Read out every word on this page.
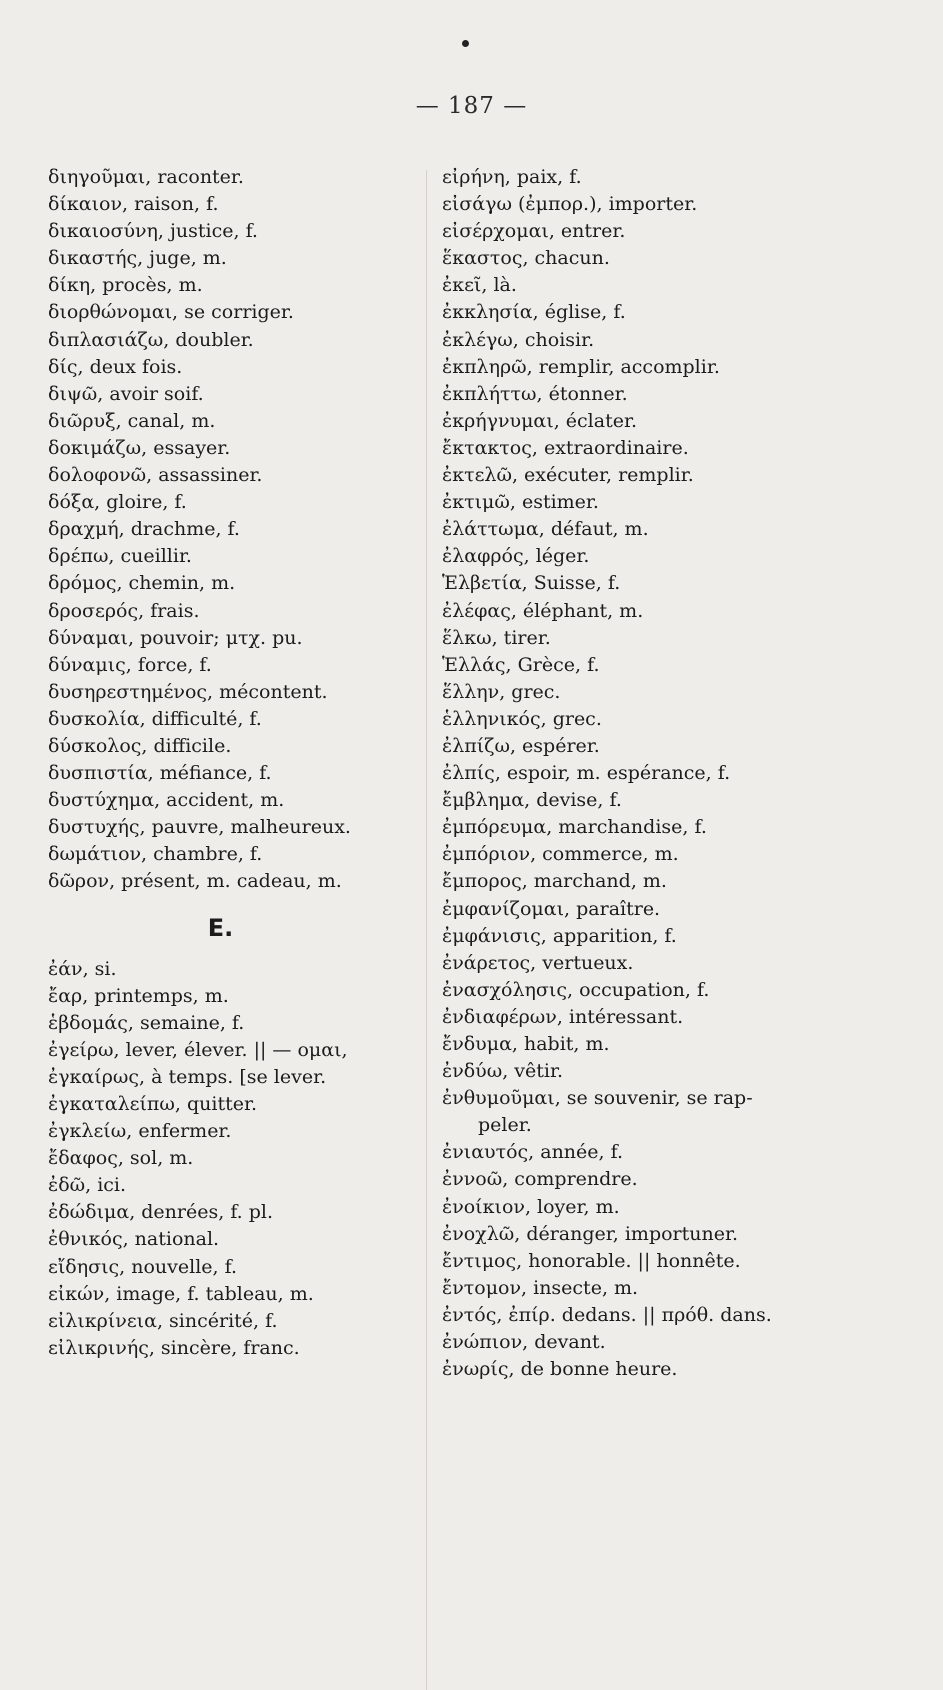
— 187 —
διηγοῦμαι, raconter.
δίκαιον, raison, f.
δικαιοσύνη, justice, f.
δικαστής, juge, m.
δίκη, procès, m.
διορθώνομαι, se corriger.
διπλασιάζω, doubler.
δίς, deux fois.
διψῶ, avoir soif.
διῶρυξ, canal, m.
δοκιμάζω, essayer.
δολοφονῶ, assassiner.
δόξα, gloire, f.
δραχμή, drachme, f.
δρέπω, cueillir.
δρόμος, chemin, m.
δροσερός, frais.
δύναμαι, pouvoir; μτχ. pu.
δύναμις, force, f.
δυσηρεστημένος, mécontent.
δυσκολία, difficulté, f.
δύσκολος, difficile.
δυσπιστία, méfiance, f.
δυστύχημα, accident, m.
δυστυχής, pauvre, malheureux.
δωμάτιον, chambre, f.
δῶρον, présent, m. cadeau, m.
E.
ἐάν, si.
ἔαρ, printemps, m.
ἑβδομάς, semaine, f.
ἐγείρω, lever, élever. || — ομαι,
ἐγκαίρως, à temps. [se lever.
ἐγκαταλείπω, quitter.
ἐγκλείω, enfermer.
ἔδαφος, sol, m.
ἐδῶ, ici.
ἐδώδιμα, denrées, f. pl.
ἐθνικός, national.
εἴδησις, nouvelle, f.
εἰκών, image, f. tableau, m.
εἰλικρίνεια, sincérité, f.
εἰλικρινής, sincère, franc.
εἰρήνη, paix, f.
εἰσάγω (ἐμπορ.), importer.
εἰσέρχομαι, entrer.
ἕκαστος, chacun.
ἐκεῖ, là.
ἐκκλησία, église, f.
ἐκλέγω, choisir.
ἐκπληρῶ, remplir, accomplir.
ἐκπλήττω, étonner.
ἐκρήγνυμαι, éclater.
ἔκτακτος, extraordinaire.
ἐκτελῶ, exécuter, remplir.
ἐκτιμῶ, estimer.
ἐλάττωμα, défaut, m.
ἐλαφρός, léger.
Ἑλβετία, Suisse, f.
ἐλέφας, éléphant, m.
ἕλκω, tirer.
Ἑλλάς, Grèce, f.
ἕλλην, grec.
ἑλληνικός, grec.
ἐλπίζω, espérer.
ἐλπίς, espoir, m. espérance, f.
ἔμβλημα, devise, f.
ἐμπόρευμα, marchandise, f.
ἐμπόριον, commerce, m.
ἔμπορος, marchand, m.
ἐμφανίζομαι, paraître.
ἐμφάνισις, apparition, f.
ἐνάρετος, vertueux.
ἐνασχόλησις, occupation, f.
ἐνδιαφέρων, intéressant.
ἔνδυμα, habit, m.
ἐνδύω, vêtir.
ἐνθυμοῦμαι, se souvenir, se rap-
peler.
ἐνιαυτός, année, f.
ἐννοῶ, comprendre.
ἐνοίκιον, loyer, m.
ἐνοχλῶ, déranger, importuner.
ἔντιμος, honorable. || honnête.
ἔντομον, insecte, m.
ἐντός, ἐπίρ. dedans. || πρόθ. dans.
ἐνώπιον, devant.
ἐνωρίς, de bonne heure.
